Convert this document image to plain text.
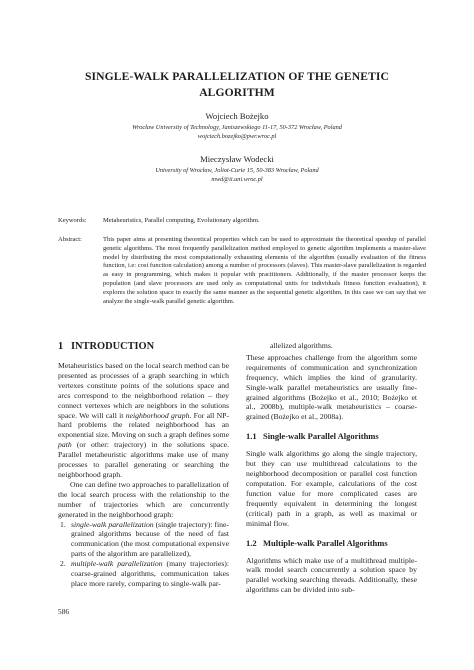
SINGLE-WALK PARALLELIZATION OF THE GENETIC
ALGORITHM
Wojciech Bożejko
Wrocław University of Technology, Janiszewskiego 11-17, 50-372 Wrocław, Poland
wojciech.bozejko@pwr.wroc.pl
Mieczysław Wodecki
University of Wrocław, Joliot-Curie 15, 50-383 Wrocław, Poland
mwd@ii.uni.wroc.pl
Keywords:	Metaheuristics, Parallel computing, Evolutionary algorithm.
Abstract:	This paper aims at presenting theoretical properties which can be used to approximate the theoretical speedup of parallel genetic algorithms. The most frequently parallelization method employed to genetic algorithm implements a master-slave model by distributing the most computationally exhausting elements of the algorithm (usually evaluation of the fitness function, i.e: cost function calculation) among a number of processors (slaves). This master-slave parallelization is regarded as easy in programming, which makes it popular with practitioners. Additionally, if the master processor keeps the population (and slave processors are used only as computational units for individuals fitness function evaluation), it explores the solution space in exactly the same manner as the sequential genetic algorithm. In this case we can say that we analyze the single-walk parallel genetic algorithm.
1 INTRODUCTION

Metaheuristics based on the local search method can be presented as processes of a graph searching in which vertexes constitute points of the solutions space and arcs correspond to the neighborhood relation – they connect vertexes which are neighbors in the solutions space. We will call it neighborhood graph. For all NP-hard problems the related neighborhood has an exponential size. Moving on such a graph defines some path (or other: trajectory) in the solutions space. Parallel metaheuristic algorithms make use of many processes to parallel generating or searching the neighborhood graph.

One can define two approaches to parallelization of the local search process with the relationship to the number of trajectories which are concurrently generated in the neighborhood graph:

1. single-walk parallelization (single trajectory): fine-grained algorithms because of the need of fast communication (the most computational expensive parts of the algorithm are parallelized),
2. multiple-walk parallelization (many trajectories): coarse-grained algorithms, communication takes place more rarely, comparing to single-walk par-

allelized algorithms.

These approaches challenge from the algorithm some requirements of communication and synchronization frequency, which implies the kind of granularity. Single-walk parallel metaheuristics are usually fine-grained algorithms (Bożejko et al., 2010; Bożejko et al., 2008b), multiple-walk metaheuristics – coarse-grained (Bożejko et al., 2008a).

1.1 Single-walk Parallel Algorithms
Single walk algorithms go along the single trajectory, but they can use multithread calculations to the neighborhood decomposition or parallel cost function computation. For example, calculations of the cost function value for more complicated cases are frequently equivalent in determining the longest (critical) path in a graph, as well as maximal or minimal flow.
1.2 Multiple-walk Parallel Algorithms
Algorithms which make use of a multithread multiple-walk model search concurrently a solution space by parallel working searching threads. Additionally, these algorithms can be divided into sub-
586
